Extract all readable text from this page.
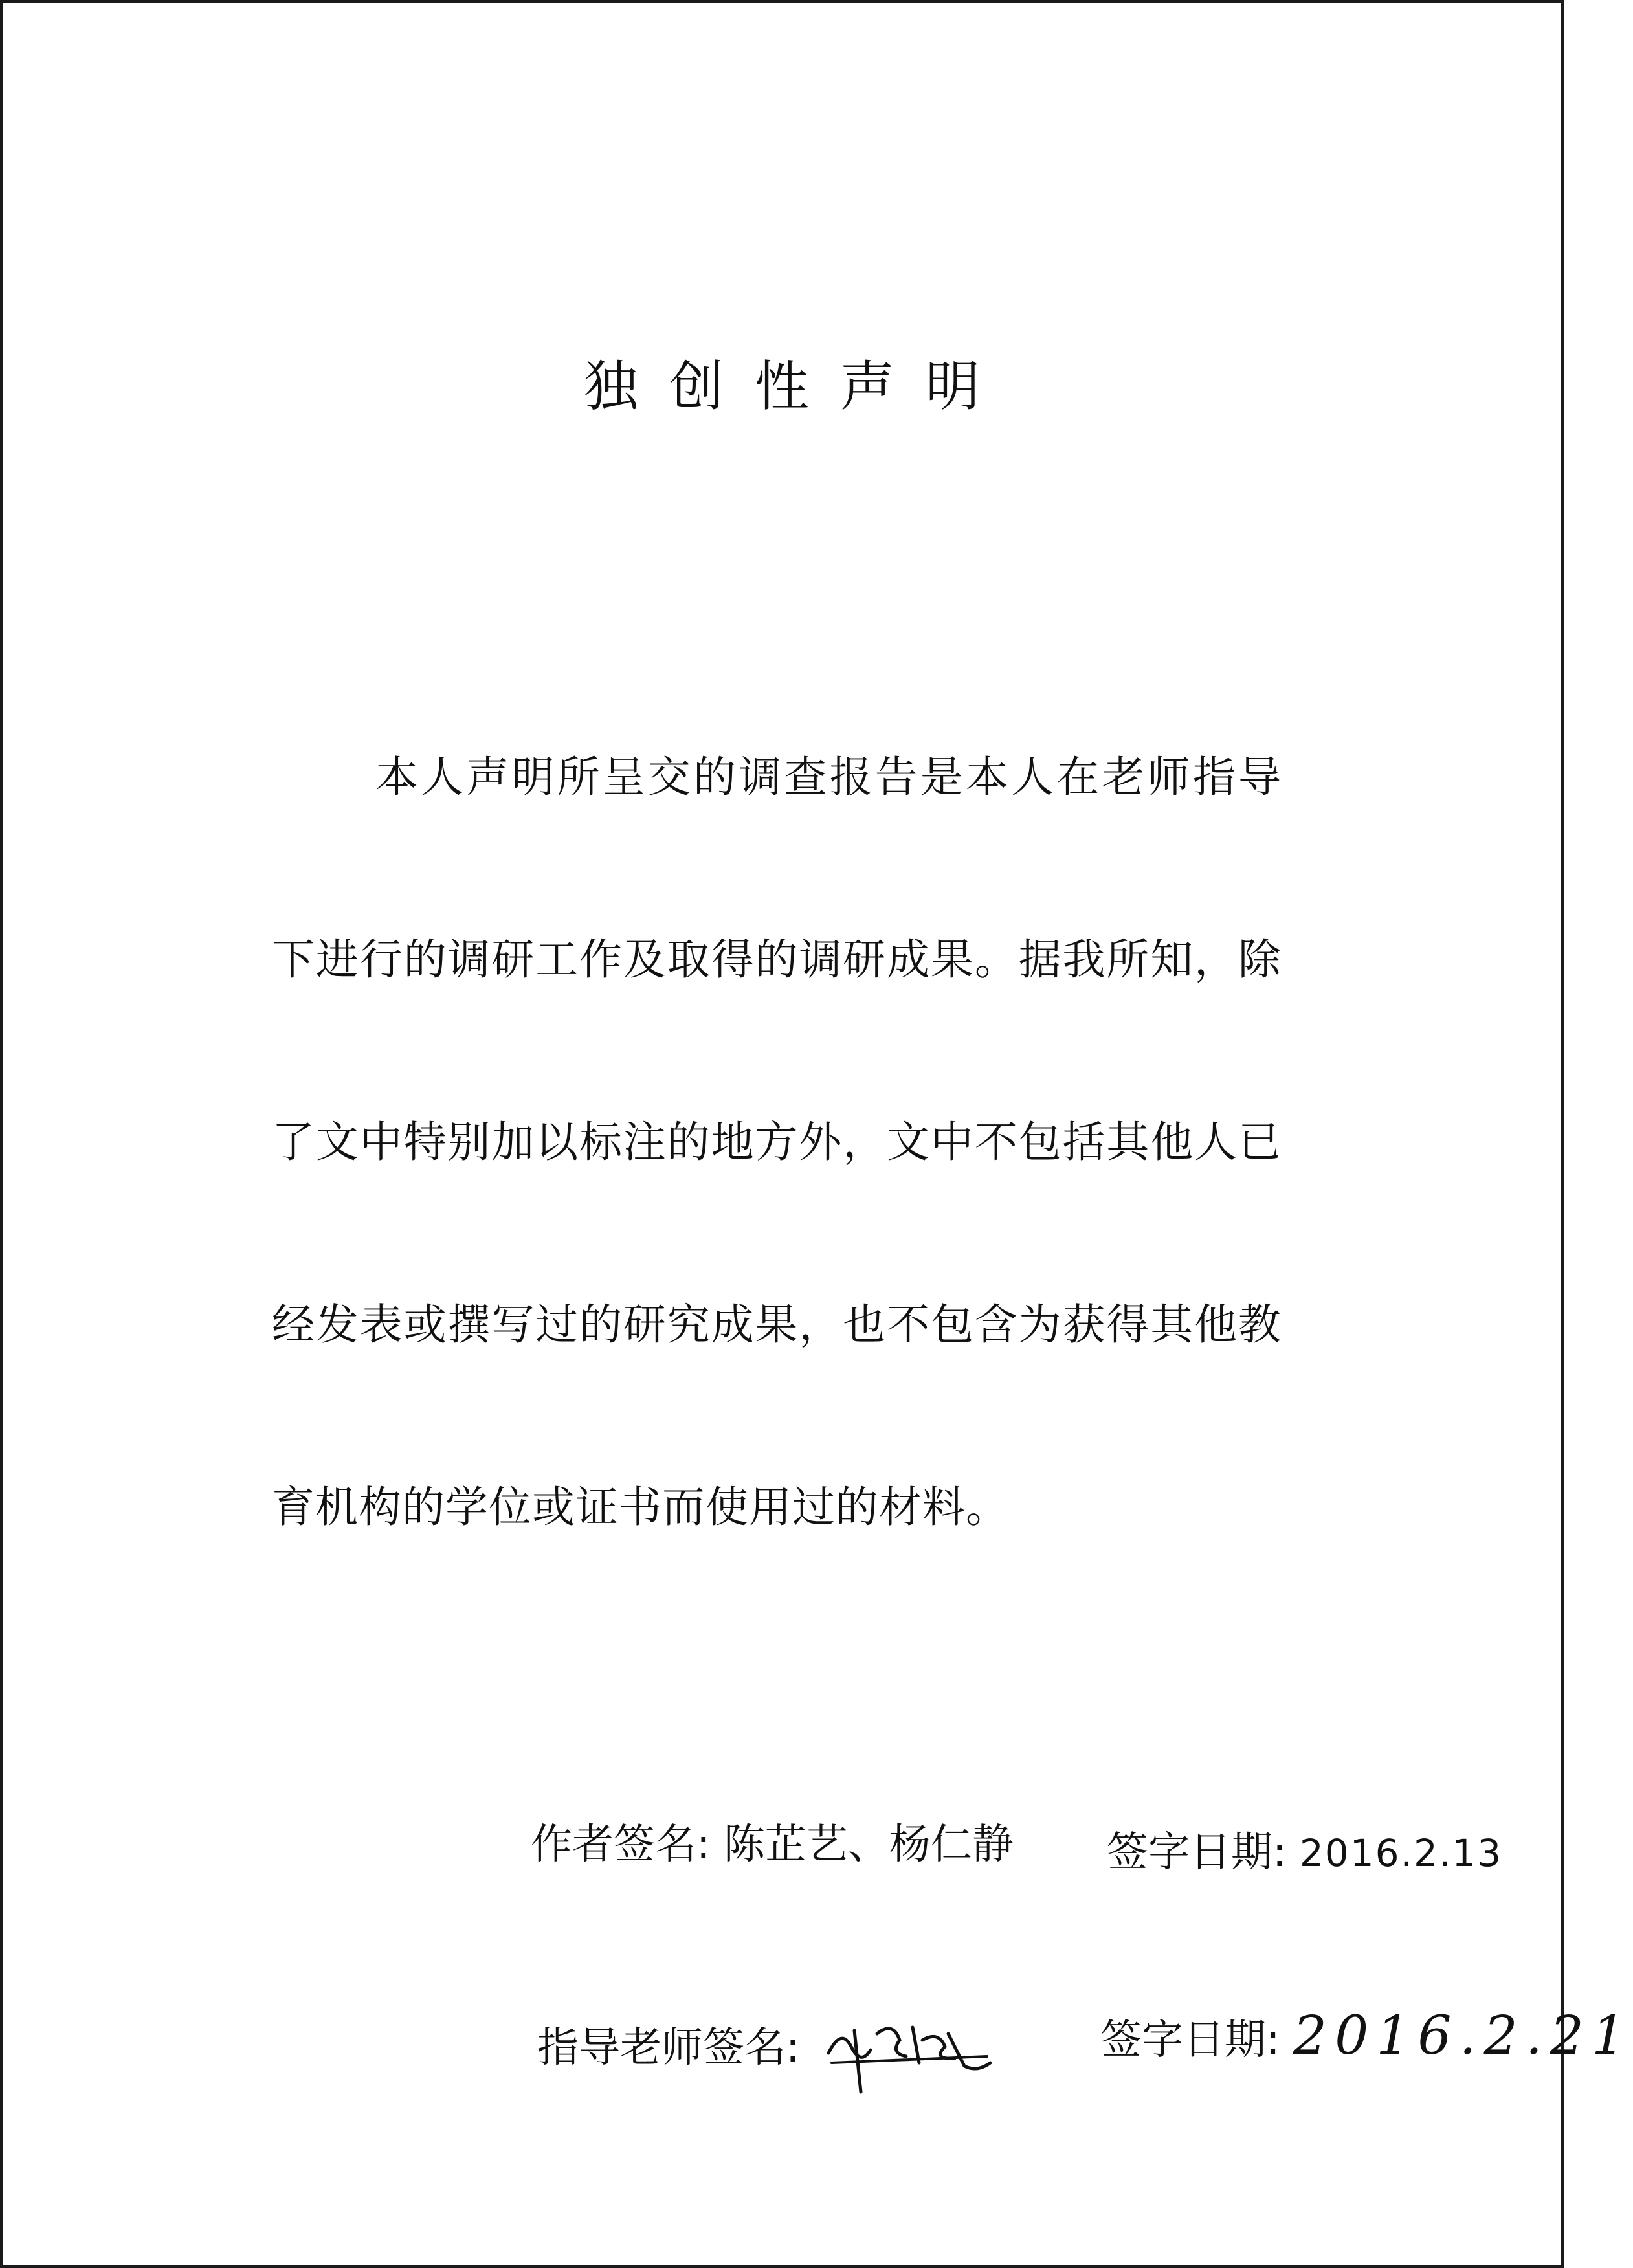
独创性声明
本人声明所呈交的调查报告是本人在老师指导下进行的调研工作及取得的调研成果。据我所知，除了文中特别加以标注的地方外，文中不包括其他人已经发表或撰写过的研究成果，也不包含为获得其他教育机构的学位或证书而使用过的材料。
作者签名: 陈芷艺、杨仁静 签字日期: 2016.2.13
指导老师签名:	签字日期: 2016.2.21
